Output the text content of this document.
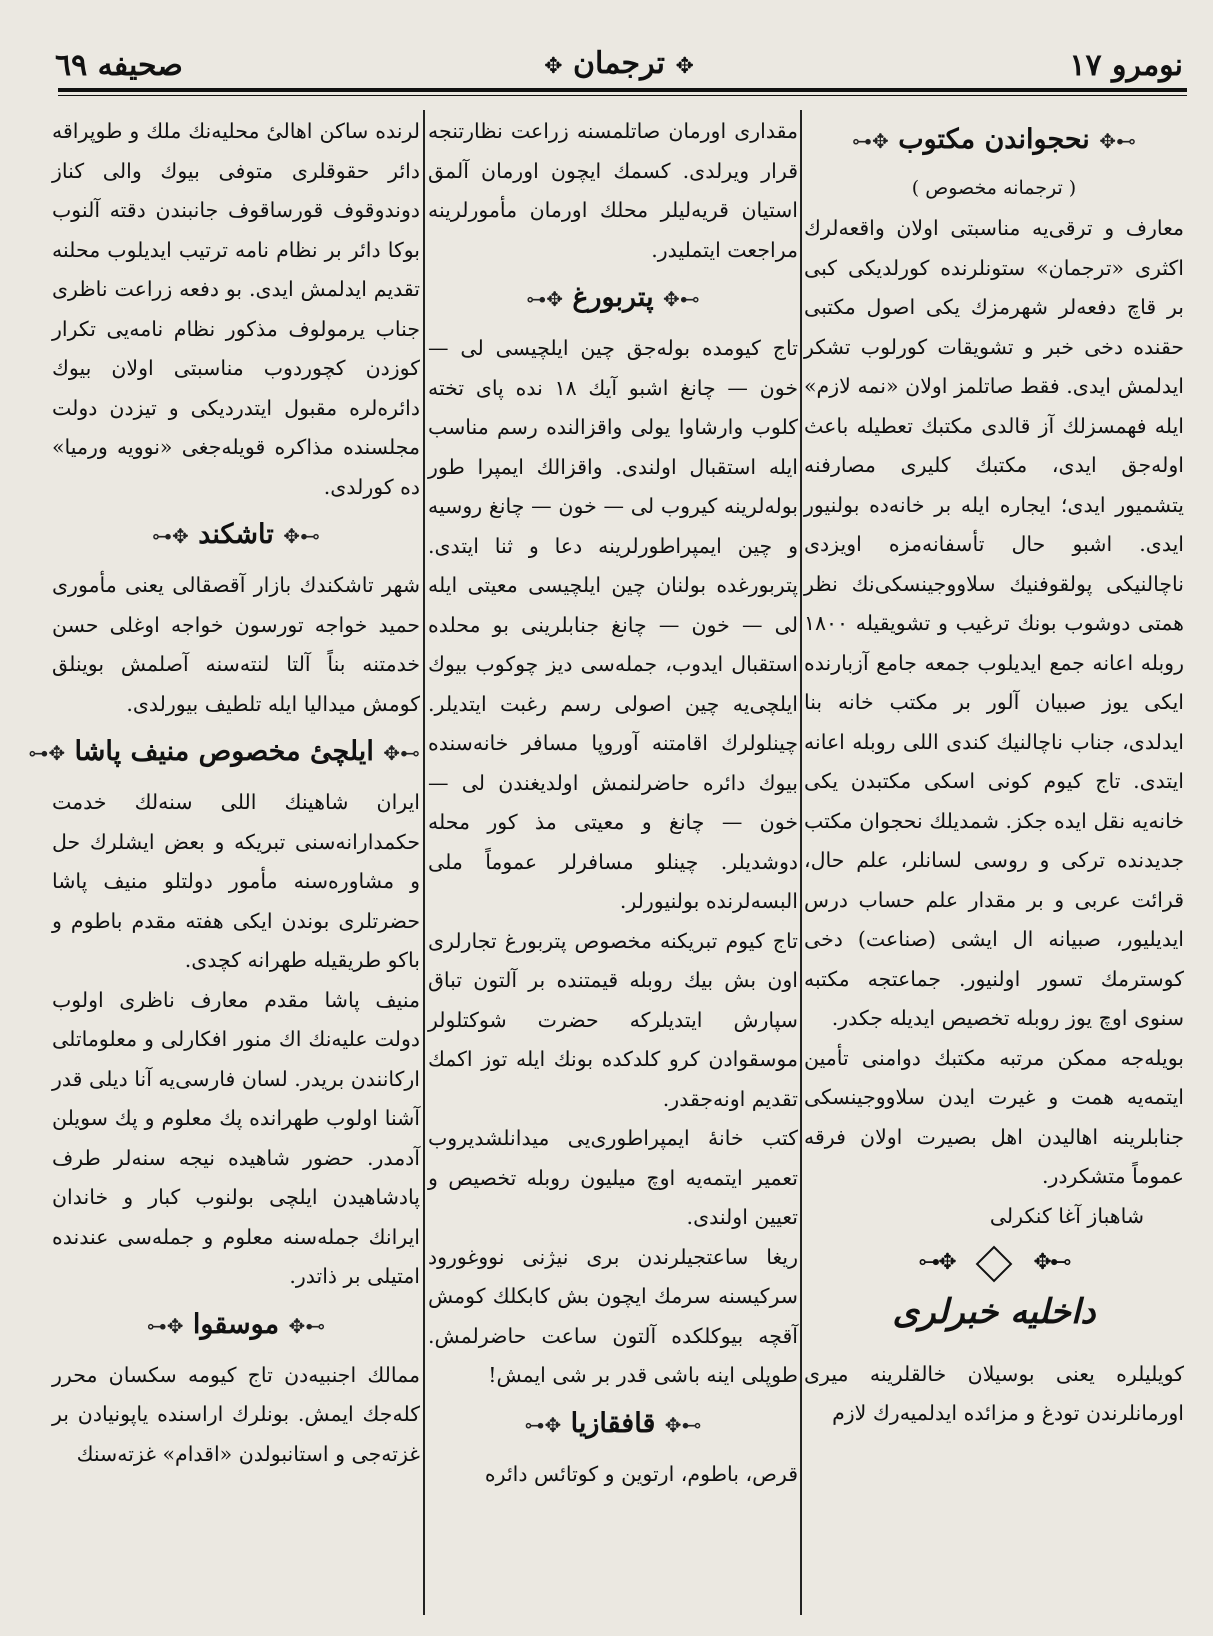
نومرو ۱۷
✥ ترجمان ✥
صحیفه ٦٩
⊶✥ نحجواندن مکتوب ✥⊷
( ترجمانه مخصوص )

معارف و ترقی‌یه مناسبتی اولان واقعه‌لرك اکثری «ترجمان» ستونلرنده کورلدیکی کبی بر قاچ دفعه‌لر شهرمزك یکی اصول مکتبی حقنده دخی خبر و تشویقات کورلوب تشکر ایدلمش ایدی. فقط صاتلمز اولان «نمه لازم» ایله فهمسزلك آز قالدی مکتبك تعطیله باعث اوله‌جق ایدی، مکتبك کلیری مصارفنه یتشمیور ایدی؛ ایجاره ایله بر خانه‌ده بولنیور ایدی. اشبو حال تأسفانه‌مزه اویزدی ناچالنیکی پولقوفنیك سلاووجینسکی‌نك نظر همتی دوشوب بونك ترغیب و تشویقیله ۱۸۰۰ روبله اعانه جمع ایدیلوب جمعه جامع آزبارنده ایکی یوز صبیان آلور بر مکتب خانه بنا ایدلدی، جناب ناچالنیك کندی اللی روبله اعانه ایتدی. تاج کیوم کونی اسکی مکتبدن یکی خانه‌یه نقل ایده جکز. شمدیلك نحجوان مکتب جدیدنده ترکی و روسی لسانلر، علم حال، قرائت عربی و بر مقدار علم حساب درس ایدیلیور، صبیانه ال ایشی (صناعت) دخی کوسترمك تسور اولنیور. جماعتجه مکتبه سنوی اوچ یوز روبله تخصیص ایدیله جکدر.

بویله‌جه ممکن مرتبه مکتبك دوامنی تأمین ایتمه‌یه همت و غیرت ایدن سلاووجینسکی جنابلرینه اهالیدن اهل بصیرت اولان فرقه عموماً متشکردر.

شاهباز آغا کنکرلی

⊶✥  ✥⊷
داخلیه خبرلری

کویلیلره یعنی بوسیلان خالقلرینه میری اورمانلرندن تودغ و مزائده ایدلمیه‌رك لازم

مقداری اورمان صاتلمسنه زراعت نظارتنجه قرار ویرلدی. کسمك ایچون اورمان آلمق استیان قریه‌لیلر محلك اورمان مأمورلرینه مراجعت ایتملیدر.

⊶✥ پتربورغ ✥⊷

تاج کیومده بوله‌جق چین ایلچیسی لی — خون — چانغ اشبو آیك ۱۸ نده پای تخته کلوب وارشاوا یولی واقزالنده رسم مناسب ایله استقبال اولندی. واقزالك ایمپرا طور بوله‌لرینه کیروب لی — خون — چانغ روسیه و چین ایمپراطورلرینه دعا و ثنا ایتدی. پتربورغده بولنان چین ایلچیسی معیتی ایله لی — خون — چانغ جنابلرینی بو محلده استقبال ایدوب، جمله‌سی دیز چوکوب بیوك ایلچی‌یه چین اصولی رسم رغبت ایتدیلر. چینلولرك اقامتنه آوروپا مسافر خانه‌سنده بیوك دائره حاضرلنمش اولدیغندن لی — خون — چانغ و معیتی مذ کور محله دوشدیلر. چینلو مسافرلر عموماً ملی البسه‌لرنده بولنیورلر.

تاج کیوم تبریکنه مخصوص پتربورغ تجارلری اون بش بیك روبله قیمتنده بر آلتون تباق سپارش ایتدیلرکه حضرت شوکتلولر موسقوادن کرو کلدکده بونك ایله توز اکمك تقدیم اونه‌جقدر.

کتب خانهٔ ایمپراطوری‌یی میدانلشدیروب تعمیر ایتمه‌یه اوچ میلیون روبله تخصیص و تعیین اولندی.

ریغا ساعتجیلرندن بری نیژنی نووغورود سرکیسنه سرمك ایچون بش کابکلك کومش آقچه بیوکلکده آلتون ساعت حاضرلمش. طوپلی اینه باشی قدر بر شی ایمش!

⊶✥ قافقازیا ✥⊷

قرص، باطوم، ارتوین و کوتائس دائره

لرنده ساکن اهالیٔ محلیه‌نك ملك و طوپراقه دائر حقوقلری متوفی بیوك والی کناز دوندوقوف قورساقوف جانبندن دقته آلنوب بوکا دائر بر نظام نامه ترتیب ایدیلوب محلنه تقدیم ایدلمش ایدی. بو دفعه زراعت ناظری جناب یرمولوف مذکور نظام نامه‌یی تکرار کوزدن کچوردوب مناسبتی اولان بیوك دائره‌لره مقبول ایتدردیکی و تیزدن دولت مجلسنده مذاکره قویله‌جغی «نوویه ورمیا» ده کورلدی.

⊶✥ تاشکند ✥⊷

شهر تاشکندك بازار آقصقالی یعنی مأموری حمید خواجه تورسون خواجه اوغلی حسن خدمتنه بناً آلتا لنته‌سنه آصلمش بوینلق کومش میدالیا ایله تلطیف بیورلدی.

⊶✥ ایلچیٔ مخصوص منیف پاشا ✥⊷

ایران شاهینك اللی سنه‌لك خدمت حکمدارانه‌سنی تبریکه و بعض ایشلرك حل و مشاوره‌سنه مأمور دولتلو منیف پاشا حضرتلری بوندن ایکی هفته مقدم باطوم و باکو طریقیله طهرانه کچدی.

منیف پاشا مقدم معارف ناظری اولوب دولت علیه‌نك اك منور افکارلی و معلوماتلی ارکانندن بریدر. لسان فارسی‌یه آنا دیلی قدر آشنا اولوب طهرانده پك معلوم و پك سویلن آدمدر. حضور شاهیده نیجه سنه‌لر طرف پادشاهیدن ایلچی بولنوب کبار و خاندان ایرانك جمله‌سنه معلوم و جمله‌سی عندنده امتیلی بر ذاتدر.

⊶✥ موسقوا ✥⊷

ممالك اجنبیه‌دن تاج کیومه سکسان محرر کله‌جك ایمش. بونلرك اراسنده یاپونیادن بر غزته‌جی و استانبولدن «اقدام» غزته‌سنك
